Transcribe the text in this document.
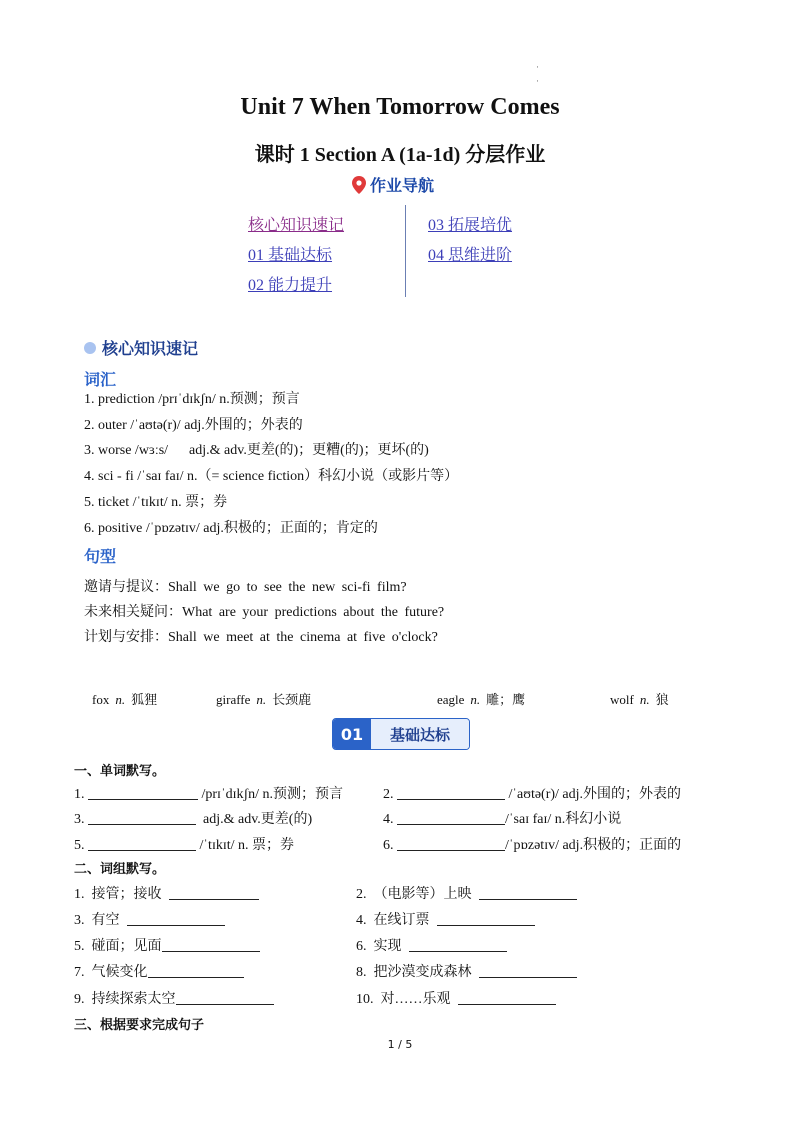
·
·
Unit 7 When Tomorrow Comes
课时 1 Section A (1a-1d) 分层作业
作业导航
核心知识速记
01 基础达标
02 能力提升
03 拓展培优
04 思维进阶
核心知识速记
词汇
1. prediction /prɪˈdɪkʃn/ n.预测；预言
2. outer /ˈaʊtə(r)/ adj.外围的；外表的
3. worse /wɜːs/      adj.& adv.更差(的)；更糟(的)；更坏(的)
4. sci - fi /ˈsaɪ faɪ/ n.（= science fiction）科幻小说（或影片等）
5. ticket /ˈtɪkɪt/ n. 票；券
6. positive /ˈpɒzətɪv/ adj.积极的；正面的；肯定的
句型
邀请与提议：Shall we go to see the new sci-fi film?
未来相关疑问：What are your predictions about the future?
计划与安排：Shall we meet at the cinema at five o'clock?
fox n. 狐狸	giraffe n. 长颈鹿	eagle n. 雕；鹰	wolf n. 狼
01	基础达标
一、单词默写。
1.	/prɪˈdɪkʃn/ n.预测；预言	2.	/ˈaʊtə(r)/ adj.外围的；外表的
3.	adj.& adv.更差(的)	4.	/ˈsaɪ faɪ/ n.科幻小说
5.	/ˈtɪkɪt/ n. 票；券	6.	/ˈpɒzətɪv/ adj.积极的；正面的
二、词组默写。
1.  接管；接收	2.  （电影等）上映
3.  有空	4.  在线订票
5.  碰面；见面	6.  实现
7.  气候变化	8.  把沙漠变成森林
9.  持续探索太空	10.  对……乐观
三、根据要求完成句子
1 / 5
